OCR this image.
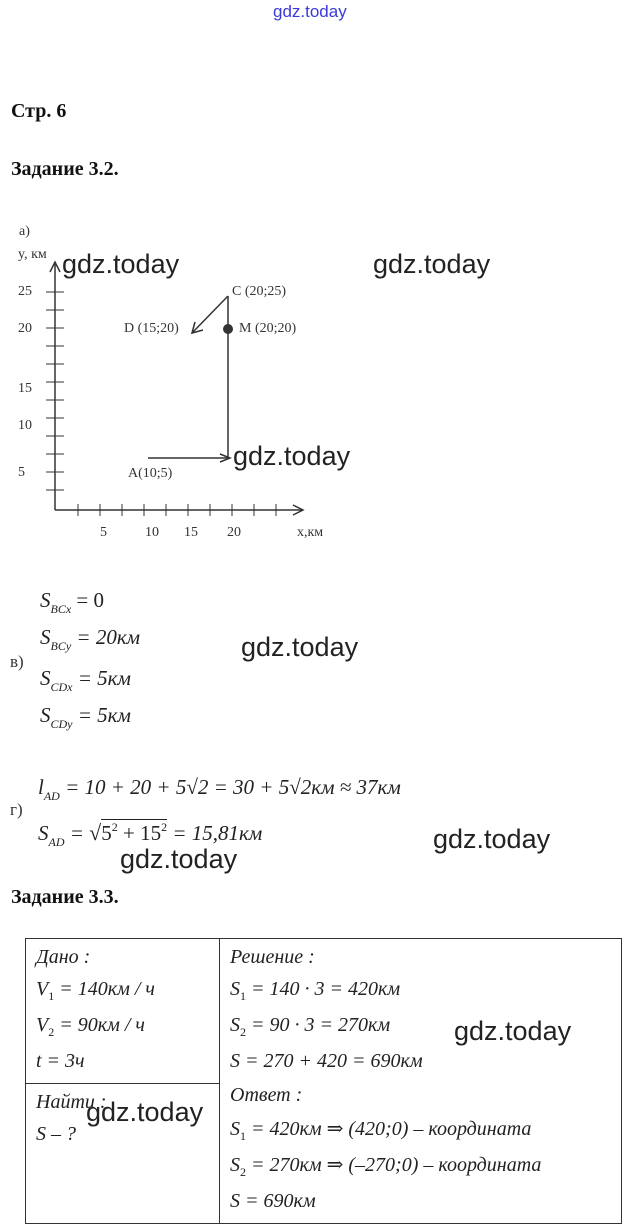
gdz.today
Стр. 6
Задание 3.2.
а)
y, км
25
20
15
10
5
5	10 15 20	x,км
A(10;5)
C (20;25)
D (15;20)	M (20;20)
gdz.today	gdz.today
gdz.today
в)
$S_{BCx} = 0$
$S_{BCy} = 20км$
$S_{CDx} = 5км$
$S_{CDy} = 5км$
gdz.today
г)
$l_{AD} = 10 + 20 + 5√2 = 30 + 5√2км \approx 37км$
$S_{AD} = √5^2 + 15^2 = 15,81км$	gdz.today
gdz.today
Задание 3.3.
Дано :
$V_1 = 140км / ч$
$V_2 = 90км / ч$
t = 3ч

Решение :
$S_1 = 140 \cdot 3 = 420км$
$S_2 = 90 \cdot 3 = 270км$
S = 270 + 420 = 690км
Ответ :
$S_1 = 420км$ ⇒ (420;0) – координата
$S_2 = 270км$ ⇒ (–270;0) – координата
S = 690км

Найти :
S – ?
gdz.today
gdz.today
